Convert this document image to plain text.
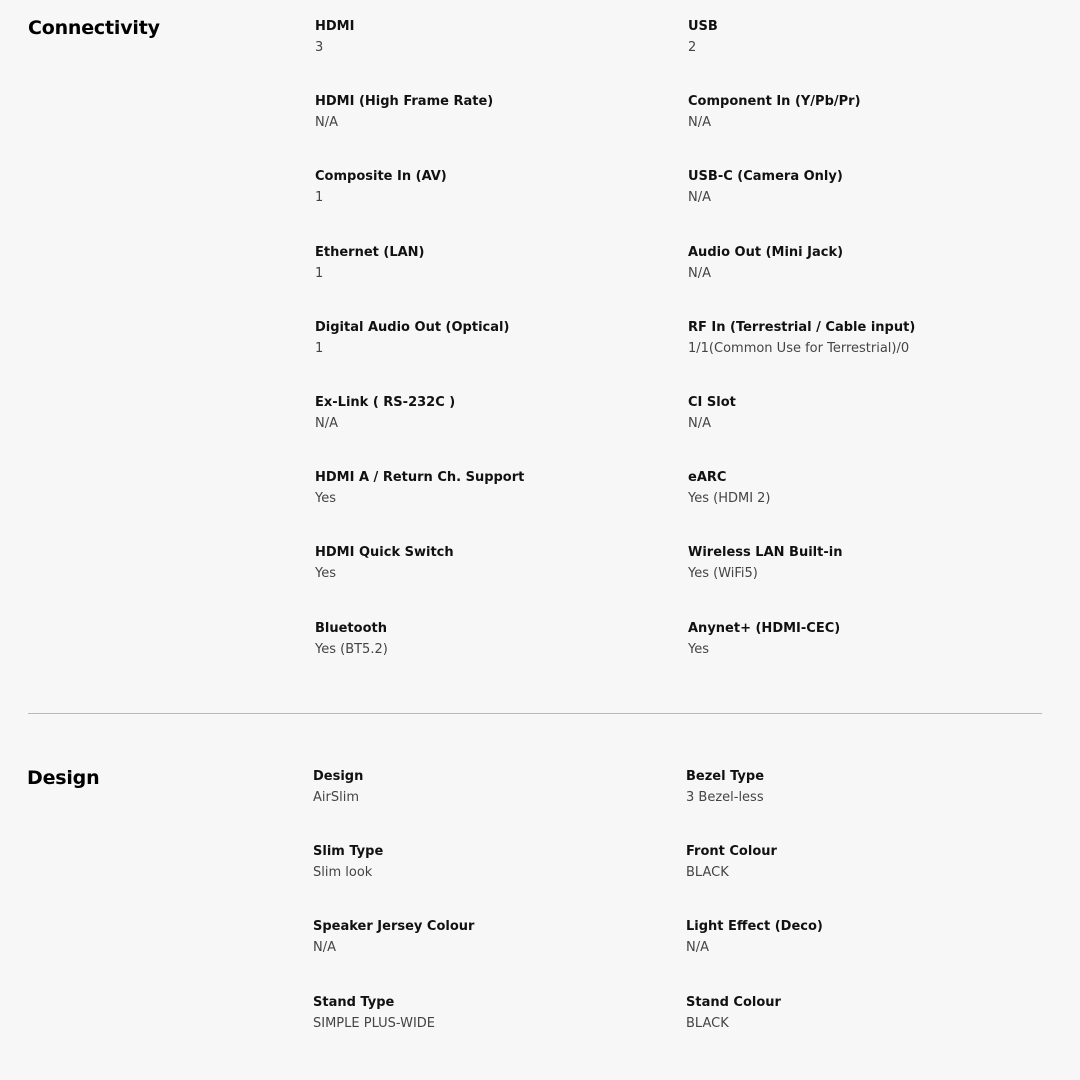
Connectivity	HDMI
3
USB
2
HDMI (High Frame Rate)
N/A
Component In (Y/Pb/Pr)
N/A
Composite In (AV)
1
USB-C (Camera Only)
N/A
Ethernet (LAN)
1
Audio Out (Mini Jack)
N/A
Digital Audio Out (Optical)
1
RF In (Terrestrial / Cable input)
1/1(Common Use for Terrestrial)/0
Ex-Link ( RS-232C )
N/A
CI Slot
N/A
HDMI A / Return Ch. Support
Yes
eARC
Yes (HDMI 2)
HDMI Quick Switch
Yes
Wireless LAN Built-in
Yes (WiFi5)
Bluetooth
Yes (BT5.2)
Anynet+ (HDMI-CEC)
Yes
Design	Design
AirSlim
Bezel Type
3 Bezel-less
Slim Type
Slim look
Front Colour
BLACK
Speaker Jersey Colour
N/A
Light Effect (Deco)
N/A
Stand Type
SIMPLE PLUS-WIDE
Stand Colour
BLACK
